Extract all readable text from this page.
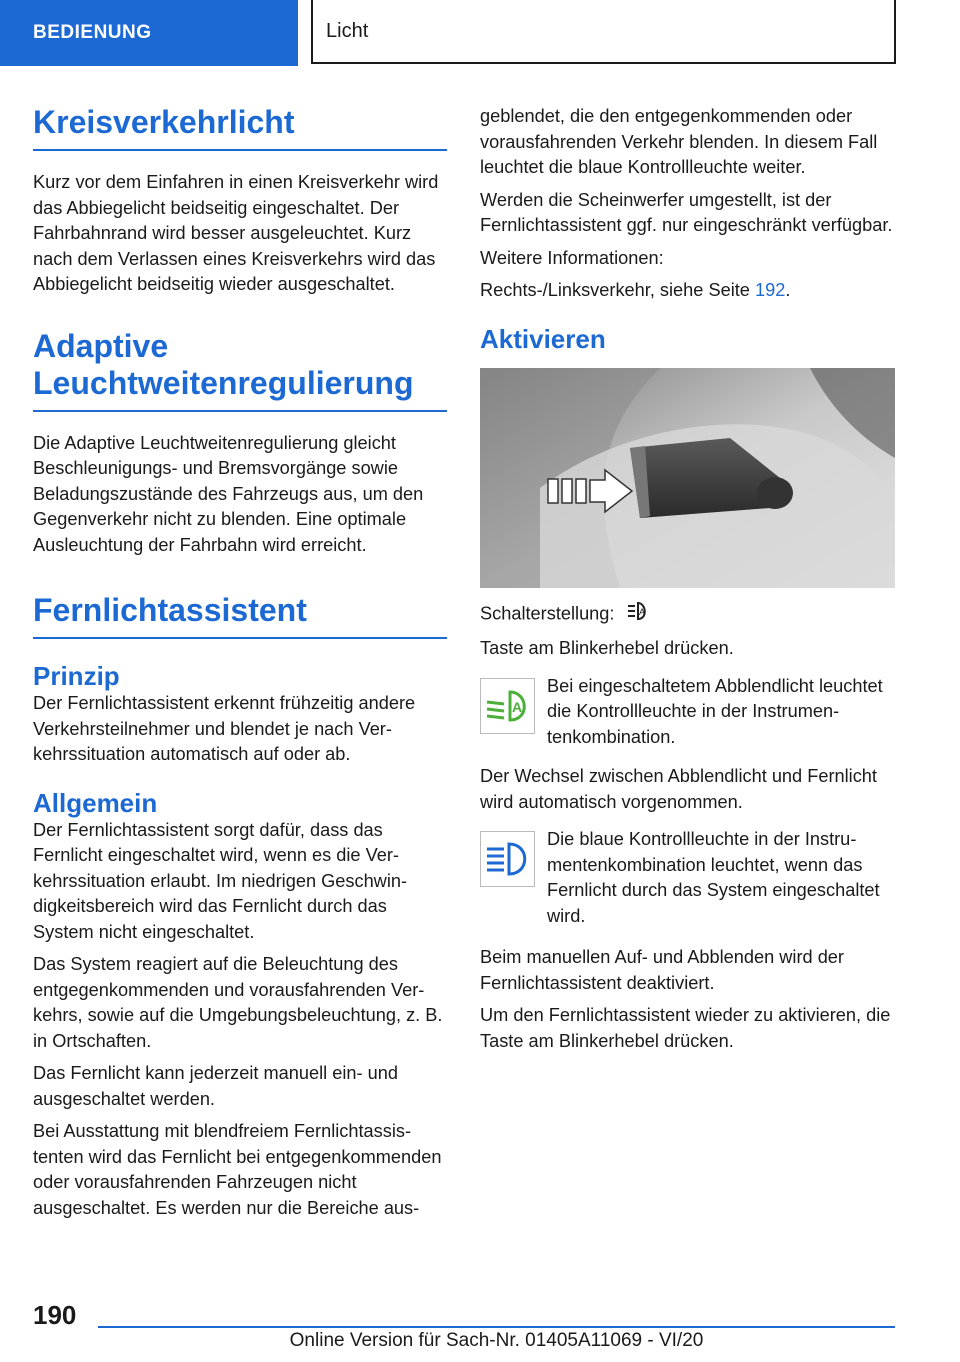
BEDIENUNG	Licht
Kreisverkehrlicht

Kurz vor dem Einfahren in einen Kreisverkehr wird das Abbiegelicht beidseitig eingeschaltet. Der Fahrbahnrand wird besser ausgeleuchtet. Kurz nach dem Verlassen eines Kreisverkehrs wird das Abbiegelicht beidseitig wieder ausgeschaltet.

Adaptive
Leuchtweitenregulierung

Die Adaptive Leuchtweitenregulierung gleicht Beschleunigungs- und Bremsvorgänge sowie Beladungszustände des Fahrzeugs aus, um den Gegenverkehr nicht zu blenden. Eine optimale Ausleuchtung der Fahrbahn wird erreicht.

Fernlichtassistent
Prinzip

Der Fernlichtassistent erkennt frühzeitig andere Verkehrsteilnehmer und blendet je nach Verkehrssituation automatisch auf oder ab.

Allgemein

Der Fernlichtassistent sorgt dafür, dass das Fernlicht eingeschaltet wird, wenn es die Verkehrssituation erlaubt. Im niedrigen Geschwindigkeitsbereich wird das Fernlicht durch das System nicht eingeschaltet.

Das System reagiert auf die Beleuchtung des entgegenkommenden und vorausfahrenden Verkehrs, sowie auf die Umgebungsbeleuchtung, z. B. in Ortschaften.

Das Fernlicht kann jederzeit manuell ein- und ausgeschaltet werden.

Bei Ausstattung mit blendfreiem Fernlichtassistenten wird das Fernlicht bei entgegenkommenden oder vorausfahrenden Fahrzeugen nicht ausgeschaltet. Es werden nur die Bereiche aus-

geblendet, die den entgegenkommenden oder vorausfahrenden Verkehr blenden. In diesem Fall leuchtet die blaue Kontrollleuchte weiter.

Werden die Scheinwerfer umgestellt, ist der Fernlichtassistent ggf. nur eingeschränkt verfügbar.

Weitere Informationen:

Rechts-/Linksverkehr, siehe Seite 192.

Aktivieren

Schalterstellung:	A

Taste am Blinkerhebel drücken.

A
Bei eingeschaltetem Abblendlicht leuchtet die Kontrollleuchte in der Instrumentenkombination.

Der Wechsel zwischen Abblendlicht und Fernlicht wird automatisch vorgenommen.

Die blaue Kontrollleuchte in der Instrumentenkombination leuchtet, wenn das Fernlicht durch das System eingeschaltet wird.

Beim manuellen Auf- und Abblenden wird der Fernlichtassistent deaktiviert.

Um den Fernlichtassistent wieder zu aktivieren, die Taste am Blinkerhebel drücken.

190
Online Version für Sach-Nr. 01405A11069 - VI/20
